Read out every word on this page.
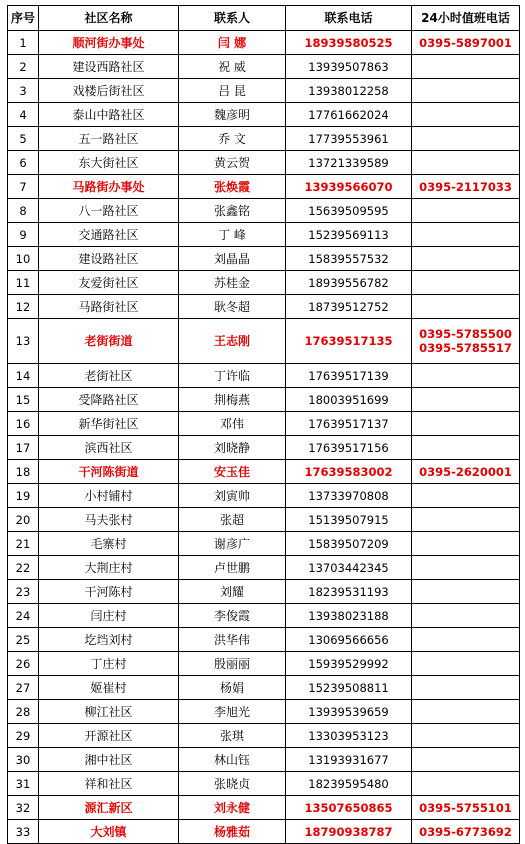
序号	社区名称	联系人	联系电话	24小时值班电话
1	顺河街办事处	闫 娜	18939580525	0395-5897001

2	建设西路社区	祝 威	13939507863	
3	戏楼后街社区	吕 昆	13938012258	
4	泰山中路社区	魏彦明	17761662024	
5	五一路社区	乔 文	17739553961	
6	东大街社区	黄云贺	13721339589	
7	马路街办事处	张焕霞	13939566070	0395-2117033

8	八一路社区	张鑫铭	15639509595	
9	交通路社区	丁 峰	15239569113	
10	建设路社区	刘晶晶	15839557532	
11	友爱街社区	苏桂金	18939556782	
12	马路街社区	耿冬超	18739512752	
13	老街街道	王志刚	17639517135	0395-5785500
0395-5785517

14	老街社区	丁许临	17639517139	
15	受降路社区	荆梅燕	18003951699	
16	新华街社区	邓伟	17639517137	
17	滨西社区	刘晓静	17639517156	
18	干河陈街道	安玉佳	17639583002	0395-2620001

19	小村铺村	刘寅帅	13733970808	
20	马夫张村	张超	15139507915	
21	毛寨村	谢彦广	15839507209	
22	大荆庄村	卢世鹏	13703442345	
23	干河陈村	刘耀	18239531193	
24	闫庄村	李俊霞	13938023188	
25	圪垱刘村	洪华伟	13069566656	
26	丁庄村	殷丽丽	15939529992	
27	姬崔村	杨娟	15239508811	
28	柳江社区	李旭光	13939539659	
29	开源社区	张琪	13303953123	
30	湘中社区	林山钰	13193931677	
31	祥和社区	张晓贞	18239595480	
32	源汇新区	刘永健	13507650865	0395-5755101

33	大刘镇	杨雅茹	18790938787	0395-6773692
